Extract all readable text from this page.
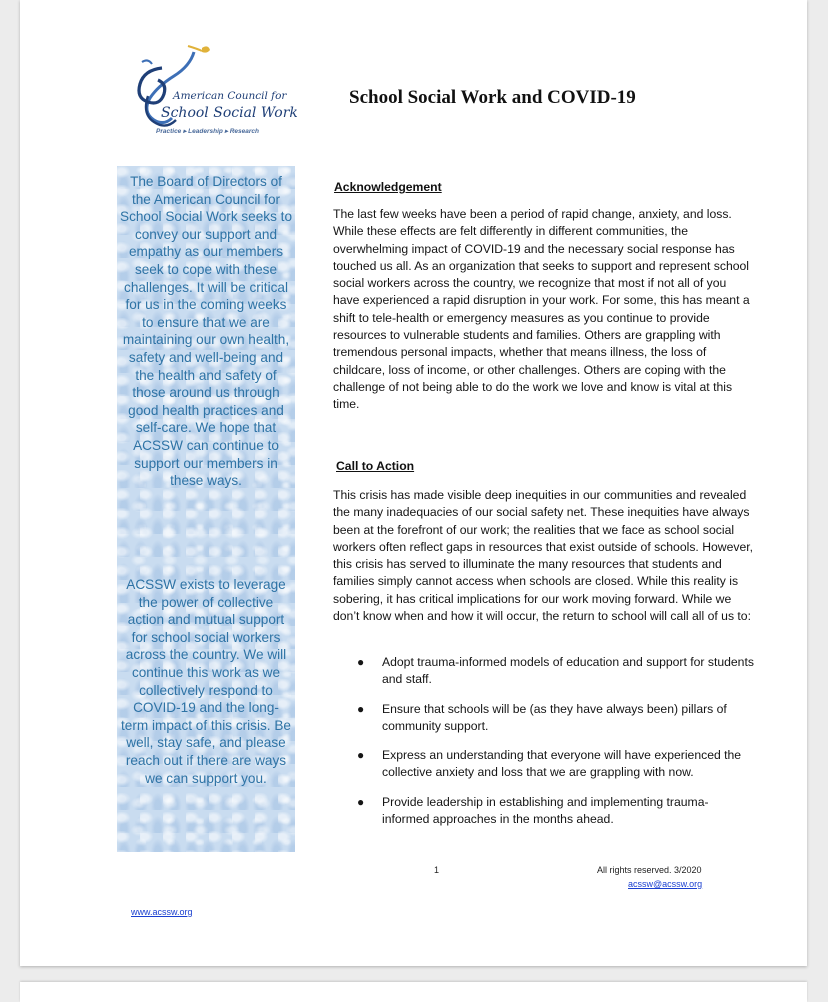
American Council for
School Social Work
Practice ▸ Leadership ▸ Research
School Social Work and COVID-19
The Board of Directors of the American Council for School Social Work seeks to convey our support and empathy as our members seek to cope with these challenges. It will be critical for us in the coming weeks to ensure that we are maintaining our own health, safety and well-being and the health and safety of those around us through good health practices and self-care. We hope that ACSSW can continue to support our members in these ways.
ACSSW exists to leverage the power of collective action and mutual support for school social workers across the country. We will continue this work as we collectively respond to COVID-19 and the long-term impact of this crisis. Be well, stay safe, and please reach out if there are ways we can support you.
Acknowledgement
The last few weeks have been a period of rapid change, anxiety, and loss. While these effects are felt differently in different communities, the overwhelming impact of COVID-19 and the necessary social response has touched us all. As an organization that seeks to support and represent school social workers across the country, we recognize that most if not all of you have experienced a rapid disruption in your work. For some, this has meant a shift to tele-health or emergency measures as you continue to provide resources to vulnerable students and families. Others are grappling with tremendous personal impacts, whether that means illness, the loss of childcare, loss of income, or other challenges. Others are coping with the challenge of not being able to do the work we love and know is vital at this time.
Call to Action
This crisis has made visible deep inequities in our communities and revealed the many inadequacies of our social safety net. These inequities have always been at the forefront of our work; the realities that we face as school social workers often reflect gaps in resources that exist outside of schools. However, this crisis has served to illuminate the many resources that students and families simply cannot access when schools are closed. While this reality is sobering, it has critical implications for our work moving forward. While we don’t know when and how it will occur, the return to school will call all of us to:
● Adopt trauma-informed models of education and support for students and staff.
● Ensure that schools will be (as they have always been) pillars of community support.
● Express an understanding that everyone will have experienced the collective anxiety and loss that we are grappling with now.
● Provide leadership in establishing and implementing trauma-informed approaches in the months ahead.
1	All rights reserved. 3/2020
acssw@acssw.org
www.acssw.org
